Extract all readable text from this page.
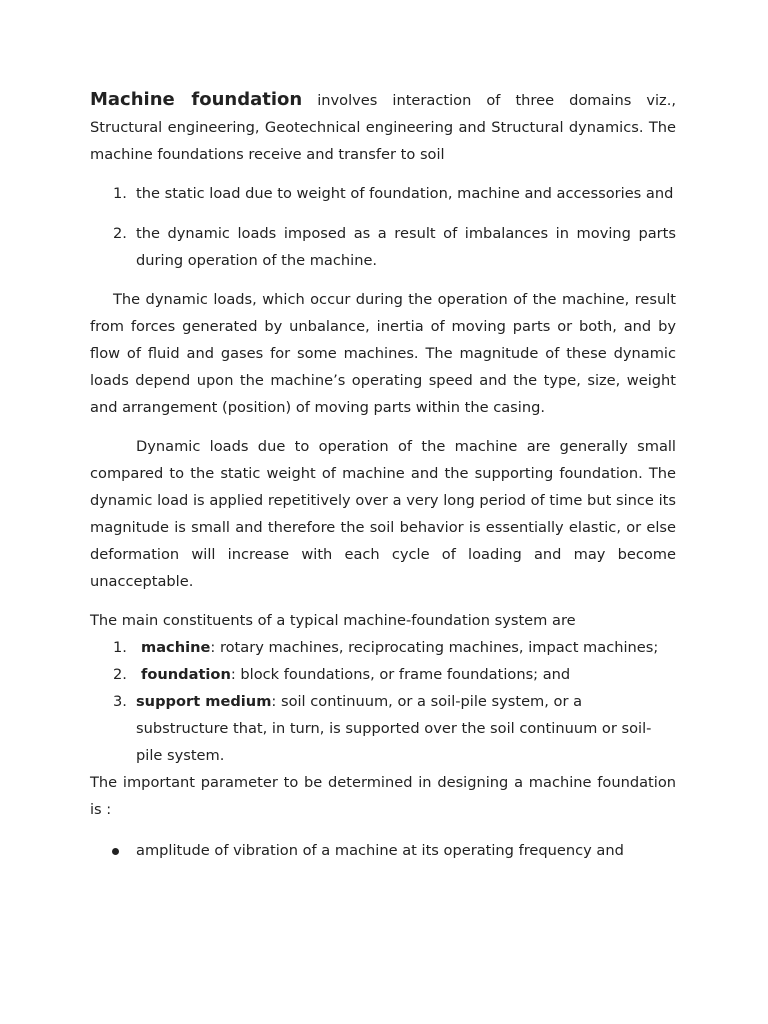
Machine foundation involves interaction of three domains viz., Structural engineering, Geotechnical engineering and Structural dynamics. The machine foundations receive and transfer to soil

1. the static load due to weight of foundation, machine and accessories and
2. the dynamic loads imposed as a result of imbalances in moving parts during operation of the machine.

The dynamic loads, which occur during the operation of the machine, result from forces generated by unbalance, inertia of moving parts or both, and by flow of fluid and gases for some machines. The magnitude of these dynamic loads depend upon the machine’s operating speed and the type, size, weight and arrangement (position) of moving parts within the casing.

Dynamic loads due to operation of the machine are generally small compared to the static weight of machine and the supporting foundation. The dynamic load is applied repetitively over a very long period of time but since its magnitude is small and therefore the soil behavior is essentially elastic, or else deformation will increase with each cycle of loading and may become unacceptable.

The main constituents of a typical machine-foundation system are

1. machine: rotary machines, reciprocating machines, impact machines;
2. foundation: block foundations, or frame foundations; and
3. support medium: soil continuum, or a soil-pile system, or a substructure that, in turn, is supported over the soil continuum or soil-pile system.

The important parameter to be determined in designing a machine foundation is :

amplitude of vibration of a machine at its operating frequency and
